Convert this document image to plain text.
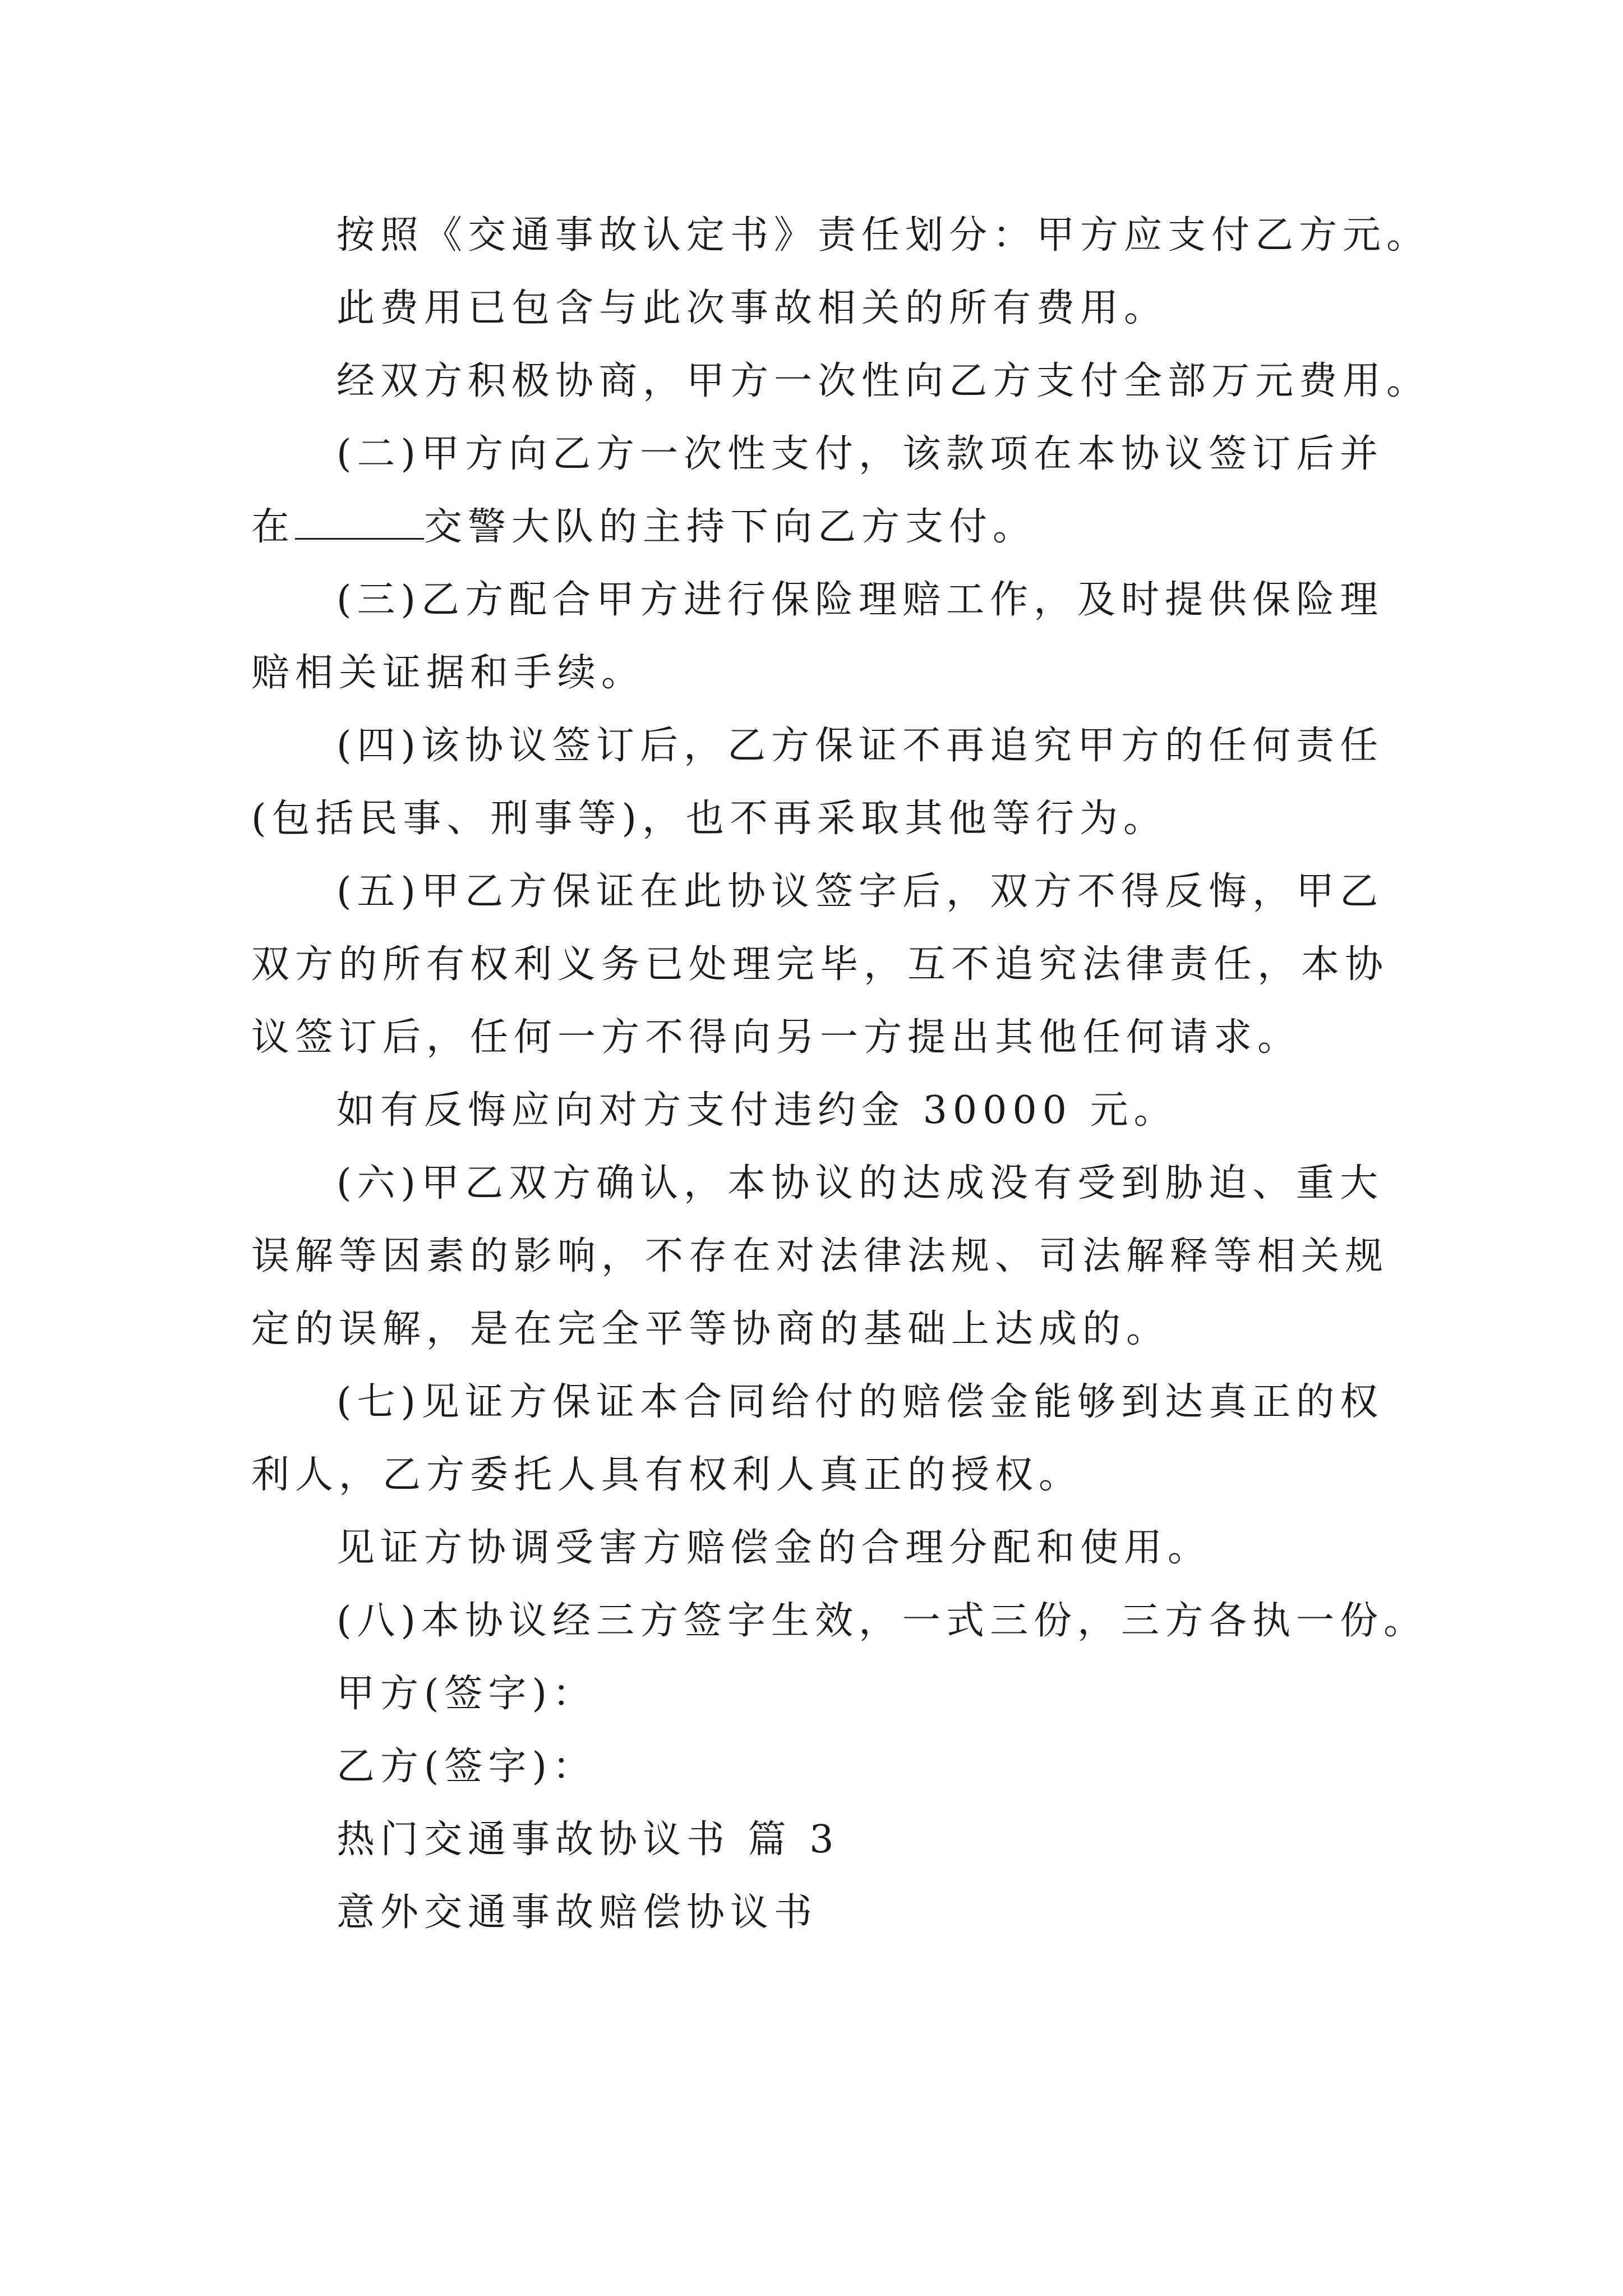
按照《交通事故认定书》责任划分：甲方应支付乙方元。
此费用已包含与此次事故相关的所有费用。
经双方积极协商，甲方一次性向乙方支付全部万元费用。
(二)甲方向乙方一次性支付，该款项在本协议签订后并
在	交警大队的主持下向乙方支付。
(三)乙方配合甲方进行保险理赔工作，及时提供保险理
赔相关证据和手续。
(四)该协议签订后，乙方保证不再追究甲方的任何责任
(包括民事、刑事等)，也不再采取其他等行为。
(五)甲乙方保证在此协议签字后，双方不得反悔，甲乙
双方的所有权利义务已处理完毕，互不追究法律责任，本协
议签订后，任何一方不得向另一方提出其他任何请求。
如有反悔应向对方支付违约金 30000 元。
(六)甲乙双方确认，本协议的达成没有受到胁迫、重大
误解等因素的影响，不存在对法律法规、司法解释等相关规
定的误解，是在完全平等协商的基础上达成的。
(七)见证方保证本合同给付的赔偿金能够到达真正的权
利人，乙方委托人具有权利人真正的授权。
见证方协调受害方赔偿金的合理分配和使用。
(八)本协议经三方签字生效，一式三份，三方各执一份。
甲方(签字)：
乙方(签字)：
热门交通事故协议书 篇 3
意外交通事故赔偿协议书
